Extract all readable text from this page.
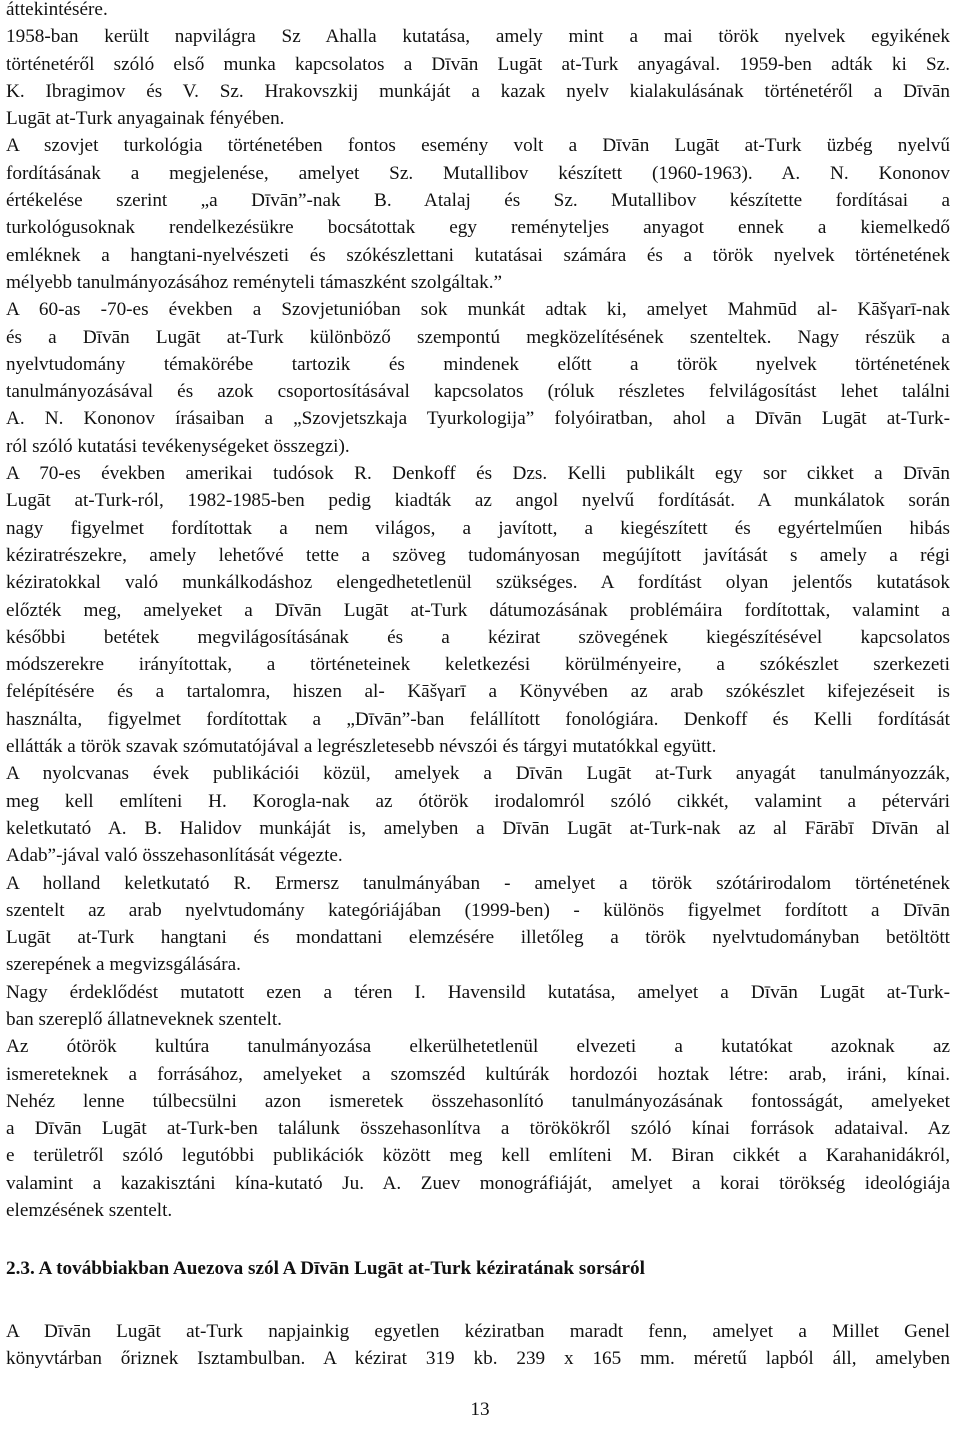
áttekintésére.
1958-ban került napvilágra Sz Ahalla kutatása, amely mint a mai török nyelvek egyikének
történetéről szóló első munka kapcsolatos a Dīvān Lugāt at-Turk anyagával. 1959-ben adták ki Sz.
K. Ibragimov és V. Sz. Hrakovszkij munkáját a kazak nyelv kialakulásának történetéről a Dīvān
Lugāt at-Turk anyagainak fényében.
A szovjet turkológia történetében fontos esemény volt a Dīvān Lugāt at-Turk üzbég nyelvű
fordításának a megjelenése, amelyet Sz. Mutallibov készített (1960-1963). A. N. Kononov
értékelése szerint „a Dīvān”-nak B. Atalaj és Sz. Mutallibov készítette fordításai a
turkológusoknak rendelkezésükre bocsátottak egy reményteljes anyagot ennek a kiemelkedő
emléknek a hangtani-nyelvészeti és szókészlettani kutatásai számára és a török nyelvek történetének
mélyebb tanulmányozásához reményteli támaszként szolgáltak.”
A 60-as -70-es években a Szovjetunióban sok munkát adtak ki, amelyet Mahmūd al- Kāšγarī-nak
és a Dīvān Lugāt at-Turk különböző szempontú megközelítésének szenteltek. Nagy részük a
nyelvtudomány témakörébe tartozik és mindenek előtt a török nyelvek történetének
tanulmányozásával és azok csoportosításával kapcsolatos (róluk részletes felvilágosítást lehet találni
A. N. Kononov írásaiban a „Szovjetszkaja Tyurkologija” folyóiratban, ahol a Dīvān Lugāt at-Turk-
ról szóló kutatási tevékenységeket összegzi).
A 70-es években amerikai tudósok R. Denkoff és Dzs. Kelli publikált egy sor cikket a Dīvān
Lugāt at-Turk-ról, 1982-1985-ben pedig kiadták az angol nyelvű fordítását. A munkálatok során
nagy figyelmet fordítottak a nem világos, a javított, a kiegészített és egyértelműen hibás
kéziratrészekre, amely lehetővé tette a szöveg tudományosan megújított javítását s amely a régi
kéziratokkal való munkálkodáshoz elengedhetetlenül szükséges. A fordítást olyan jelentős kutatások
előzték meg, amelyeket a Dīvān Lugāt at-Turk dátumozásának problémáira fordítottak, valamint a
későbbi betétek megvilágosításának és a kézirat szövegének kiegészítésével kapcsolatos
módszerekre irányítottak, a történeteinek keletkezési körülményeire, a szókészlet szerkezeti
felépítésére és a tartalomra, hiszen al- Kāšγarī a Könyvében az arab szókészlet kifejezéseit is
használta, figyelmet fordítottak a „Dīvān”-ban felállított fonológiára. Denkoff és Kelli fordítását
ellátták a török szavak szómutatójával a legrészletesebb névszói és tárgyi mutatókkal együtt.
A nyolcvanas évek publikációi közül, amelyek a Dīvān Lugāt at-Turk anyagát tanulmányozzák,
meg kell említeni H. Korogla-nak az ótörök irodalomról szóló cikkét, valamint a pétervári
keletkutató A. B. Halidov munkáját is, amelyben a Dīvān Lugāt at-Turk-nak az al Fārābī Dīvān al
Adab”-jával való összehasonlítását végezte.
A holland keletkutató R. Ermersz tanulmányában - amelyet a török szótárirodalom történetének
szentelt az arab nyelvtudomány kategóriájában (1999-ben) - különös figyelmet fordított a Dīvān
Lugāt at-Turk hangtani és mondattani elemzésére illetőleg a török nyelvtudományban betöltött
szerepének a megvizsgálására.
Nagy érdeklődést mutatott ezen a téren I. Havensild kutatása, amelyet a Dīvān Lugāt at-Turk-
ban szereplő állatneveknek szentelt.
Az ótörök kultúra tanulmányozása elkerülhetetlenül elvezeti a kutatókat azoknak az
ismereteknek a forrásához, amelyeket a szomszéd kultúrák hordozói hoztak létre: arab, iráni, kínai.
Nehéz lenne túlbecsülni azon ismeretek összehasonlító tanulmányozásának fontosságát, amelyeket
a Dīvān Lugāt at-Turk-ben találunk összehasonlítva a törökökről szóló kínai források adataival. Az
e területről szóló legutóbbi publikációk között meg kell említeni M. Biran cikkét a Karahanidákról,
valamint a kazakisztáni kína-kutató Ju. A. Zuev monográfiáját, amelyet a korai törökség ideológiája
elemzésének szentelt.
2.3. A továbbiakban Auezova szól A Dīvān Lugāt at-Turk kéziratának sorsáról
A Dīvān Lugāt at-Turk napjainkig egyetlen kéziratban maradt fenn, amelyet a Millet Genel
könyvtárban őriznek Isztambulban. A kézirat 319 kb. 239 x 165 mm. méretű lapból áll, amelyben
13
